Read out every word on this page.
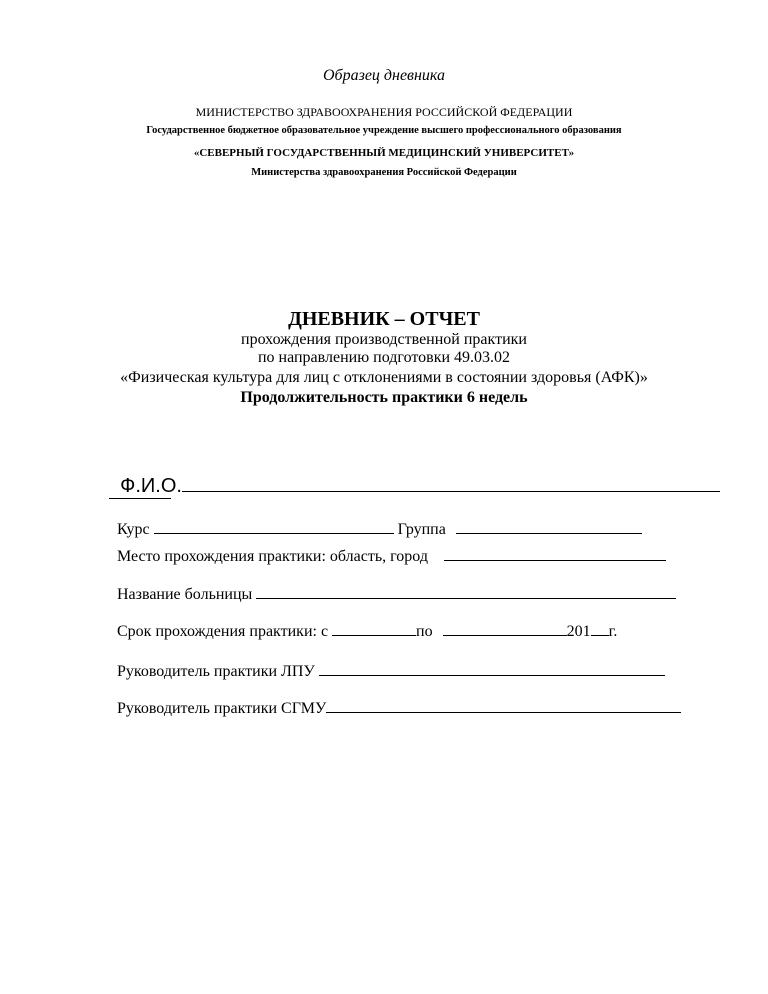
Образец дневника
МИНИСТЕРСТВО ЗДРАВООХРАНЕНИЯ РОССИЙСКОЙ ФЕДЕРАЦИИ
Государственное бюджетное образовательное учреждение высшего профессионального образования
«СЕВЕРНЫЙ ГОСУДАРСТВЕННЫЙ МЕДИЦИНСКИЙ УНИВЕРСИТЕТ»
Министерства здравоохранения Российской Федерации
ДНЕВНИК – ОТЧЕТ
прохождения производственной практики
по направлению подготовки 49.03.02
«Физическая культура для лиц с отклонениями в состоянии здоровья (АФК)»
Продолжительность практики 6 недель

Ф.И.О.

Курс	Группа

Место прохождения практики: область, город

Название больницы

Срок прохождения практики: с	по	201 г.

Руководитель практики ЛПУ

Руководитель практики СГМУ
